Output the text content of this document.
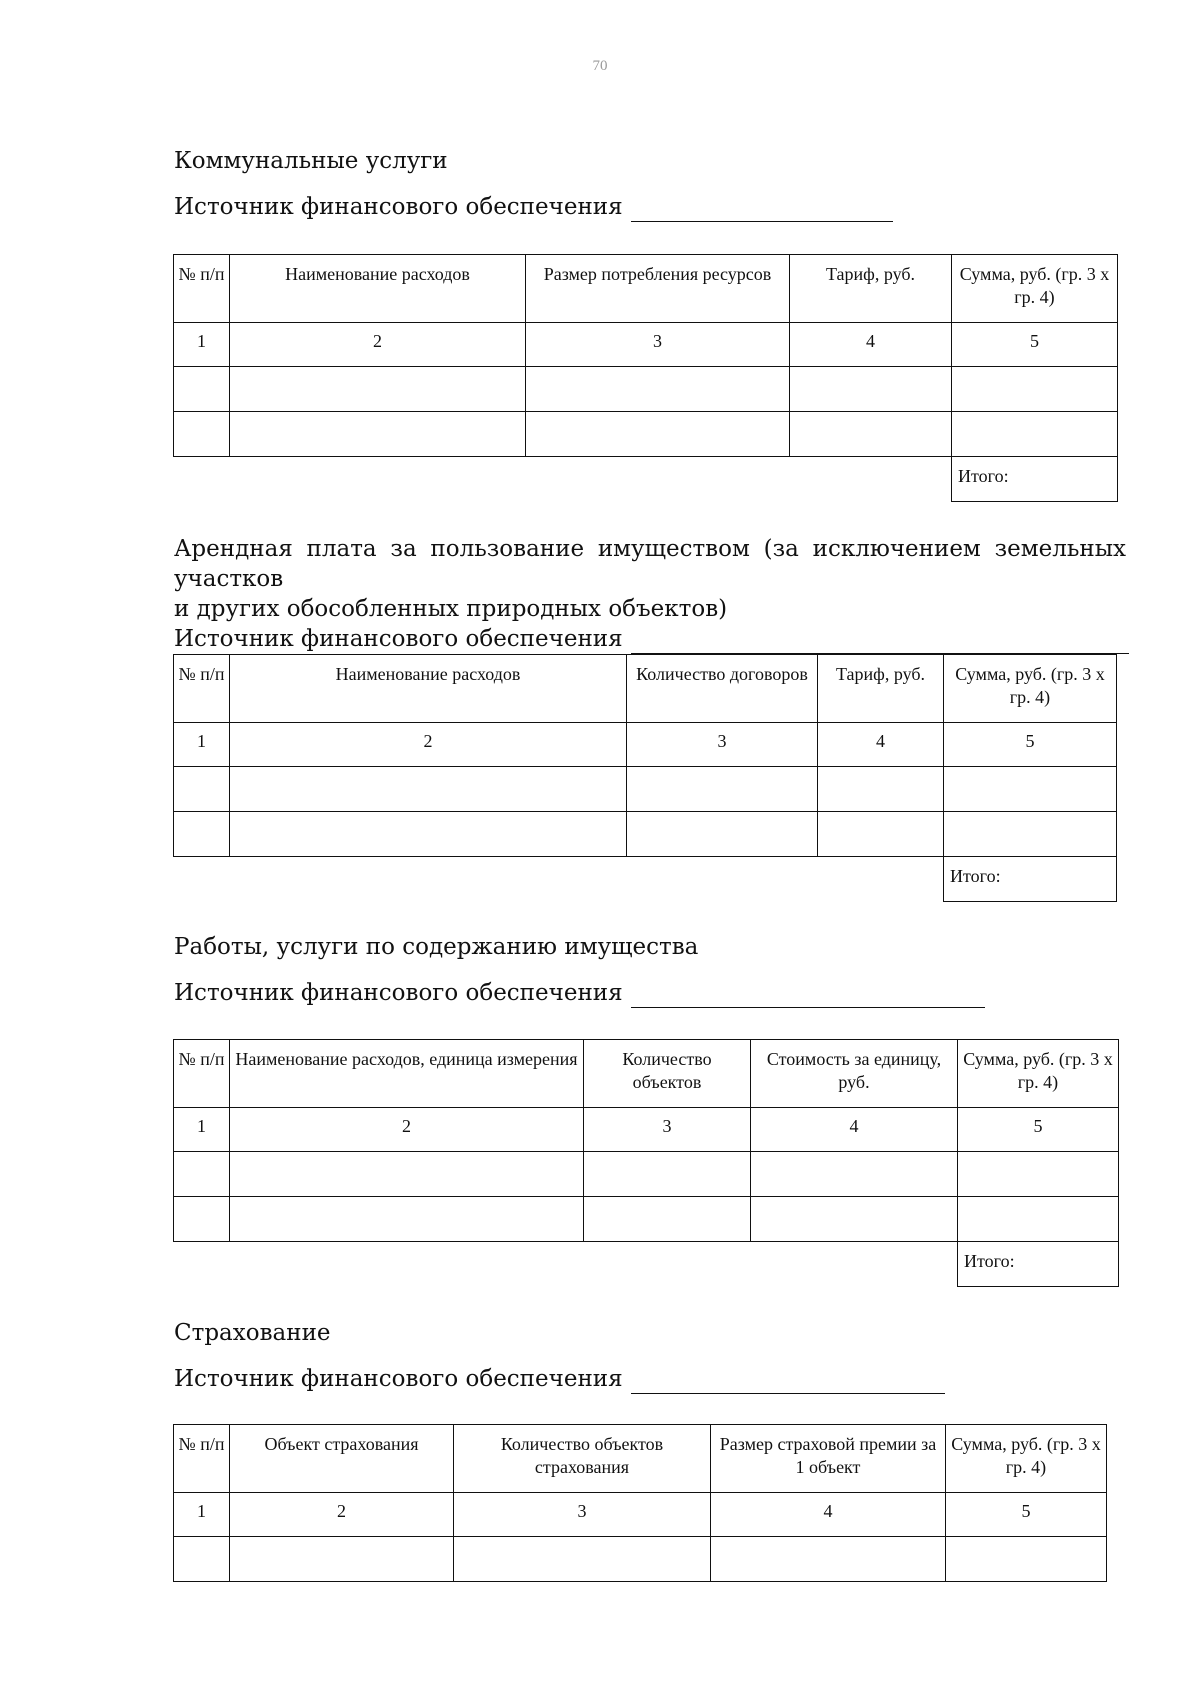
70
Коммунальные услуги
Источник финансового обеспечения
№ п/п	Наименование расходов	Размер потребления ресурсов	Тариф, руб.	Сумма, руб. (гр. 3 х гр. 4)
1	2	3	4	5

				Итого:
Арендная плата за пользование имуществом (за исключением земельных участков
и других обособленных природных объектов)
Источник финансового обеспечения
№ п/п	Наименование расходов	Количество договоров	Тариф, руб.	Сумма, руб. (гр. 3 х гр. 4)
1	2	3	4	5

				Итого:
Работы, услуги по содержанию имущества
Источник финансового обеспечения
№ п/п	Наименование расходов, единица измерения	Количество объектов	Стоимость за единицу, руб.	Сумма, руб. (гр. 3 х гр. 4)
1	2	3	4	5

				Итого:
Страхование
Источник финансового обеспечения
№ п/п	Объект страхования	Количество объектов страхования	Размер страховой премии за 1 объект	Сумма, руб. (гр. 3 х гр. 4)
1	2	3	4	5
